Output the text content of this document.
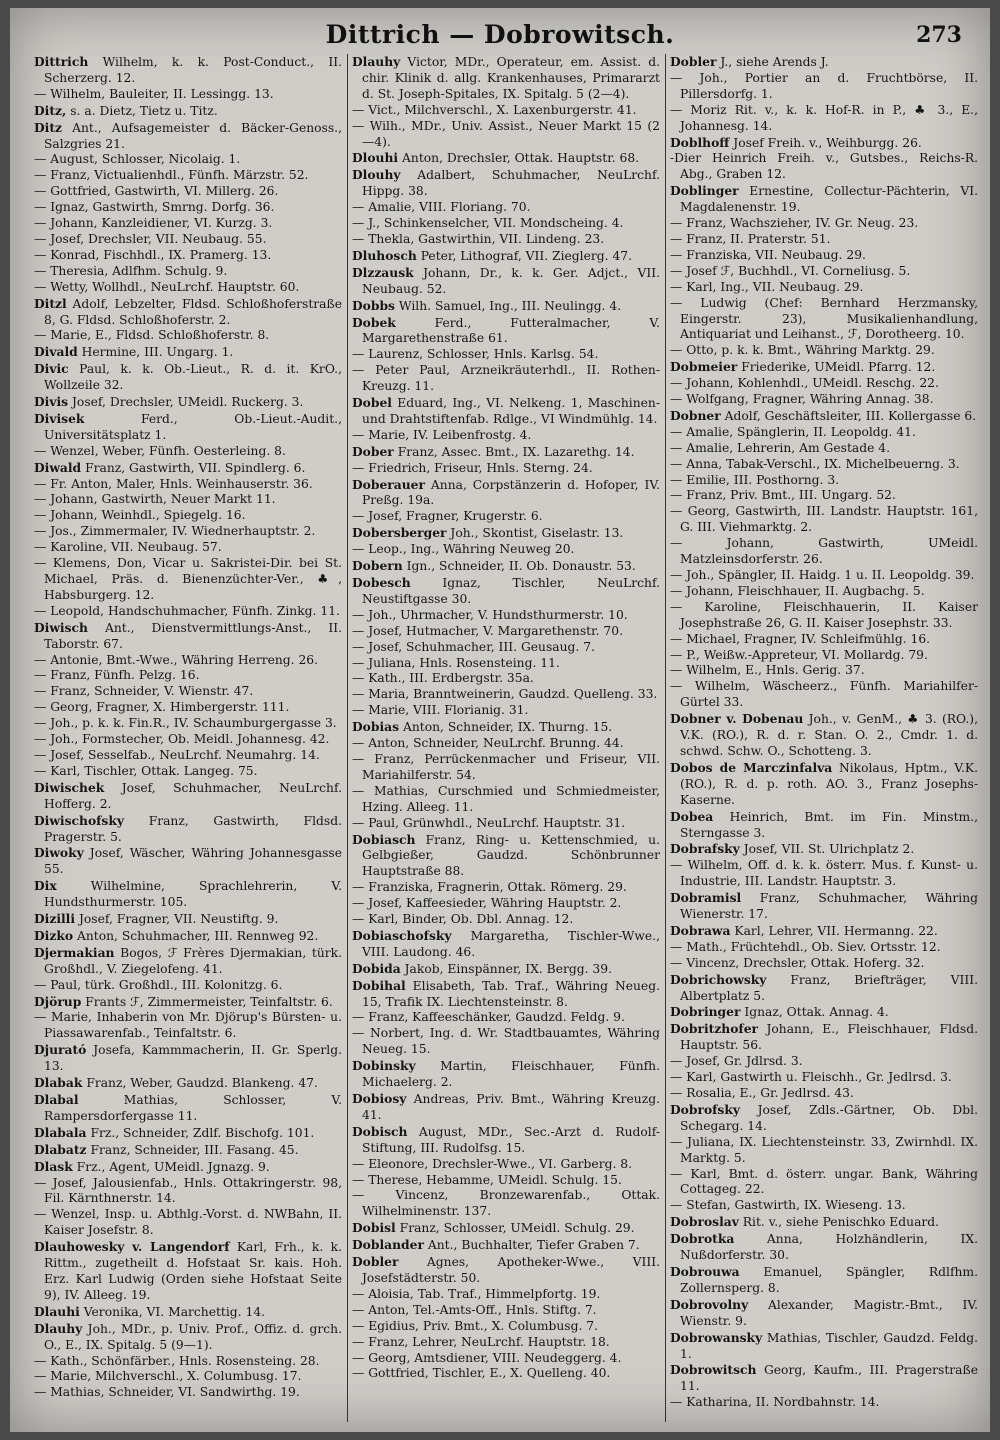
Dittrich — Dobrowitsch.	273
Dittrich Wilhelm, k. k. Post-Conduct., II. Scherzerg. 12.
— Wilhelm, Bauleiter, II. Lessingg. 13.
Ditz, s. a. Dietz, Tietz u. Titz.
Ditz Ant., Aufsagemeister d. Bäcker-Genoss., Salzgries 21.
— August, Schlosser, Nicolaig. 1.
— Franz, Victualienhdl., Fünfh. Märzstr. 52.
— Gottfried, Gastwirth, VI. Millerg. 26.
— Ignaz, Gastwirth, Smrng. Dorfg. 36.
— Johann, Kanzleidiener, VI. Kurzg. 3.
— Josef, Drechsler, VII. Neubaug. 55.
— Konrad, Fischhdl., IX. Pramerg. 13.
— Theresia, Adlfhm. Schulg. 9.
— Wetty, Wollhdl., NeuLrchf. Hauptstr. 60.
Ditzl Adolf, Lebzelter, Fldsd. Schloßhoferstraße 8, G. Fldsd. Schloßhoferstr. 2.
— Marie, E., Fldsd. Schloßhoferstr. 8.
Divald Hermine, III. Ungarg. 1.
Divic Paul, k. k. Ob.-Lieut., R. d. it. KrO., Wollzeile 32.
Divis Josef, Drechsler, UMeidl. Ruckerg. 3.
Divisek	Ferd., Ob.-Lieut.-Audit., Universitätsplatz 1.
— Wenzel, Weber, Fünfh. Oesterleing. 8.
Diwald Franz, Gastwirth, VII. Spindlerg. 6.
— Fr. Anton, Maler, Hnls. Weinhauserstr. 36.
— Johann, Gastwirth, Neuer Markt 11.
— Johann, Weinhdl., Spiegelg. 16.
— Jos., Zimmermaler, IV. Wiednerhauptstr. 2.
— Karoline, VII. Neubaug. 57.
— Klemens, Don, Vicar u. Sakristei-Dir. bei St. Michael, Präs. d. Bienenzüchter-Ver., ♣, Habsburgerg. 12.
— Leopold, Handschuhmacher, Fünfh. Zinkg. 11.
Diwisch Ant., Dienstvermittlungs-Anst., II. Taborstr. 67.
— Antonie, Bmt.-Wwe., Währing Herreng. 26.
— Franz, Fünfh. Pelzg. 16.
— Franz, Schneider, V. Wienstr. 47.
— Georg, Fragner, X. Himbergerstr. 111.
— Joh., p. k. k. Fin.R., IV. Schaumburgergasse 3.
— Joh., Formstecher, Ob. Meidl. Johannesg. 42.
— Josef, Sesselfab., NeuLrchf. Neumahrg. 14.
— Karl, Tischler, Ottak. Langeg. 75.
Diwischek Josef, Schuhmacher, NeuLrchf. Hofferg. 2.
Diwischofsky Franz, Gastwirth, Fldsd. Pragerstr. 5.
Diwoky Josef, Wäscher, Währing Johannesgasse 55.
Dix	Wilhelmine, Sprachlehrerin, V. Hundsthurmerstr. 105.
Dizilli Josef, Fragner, VII. Neustiftg. 9.
Dizko Anton, Schuhmacher, III. Rennweg 92.
Djermakian Bogos, ℱ Frères Djermakian, türk. Großhdl., V. Ziegelofeng. 41.
— Paul, türk. Großhdl., III. Kolonitzg. 6.
Djörup Frants ℱ, Zimmermeister, Teinfaltstr. 6.
— Marie, Inhaberin von Mr. Djörup's Bürsten- u. Piassawarenfab., Teinfaltstr. 6.
Djurató Josefa, Kammmacherin, II. Gr. Sperlg. 13.
Dlabak Franz, Weber, Gaudzd. Blankeng. 47.
Dlabal	Mathias, Schlosser, V. Rampersdorfergasse 11.
Dlabala Frz., Schneider, Zdlf. Bischofg. 101.
Dlabatz Franz, Schneider, III. Fasang. 45.
Dlask Frz., Agent, UMeidl. Jgnazg. 9.
— Josef, Jalousienfab., Hnls. Ottakringerstr. 98, Fil. Kärnthnerstr. 14.
— Wenzel, Insp. u. Abthlg.-Vorst. d. NWBahn, II. Kaiser Josefstr. 8.
Dlauhowesky v. Langendorf Karl, Frh., k. k. Rittm., zugetheilt d. Hofstaat Sr. kais. Hoh. Erz. Karl Ludwig (Orden siehe Hofstaat Seite 9), IV. Alleeg. 19.
Dlauhi Veronika, VI. Marchettig. 14.
Dlauhy Joh., MDr., p. Univ. Prof., Offiz. d. grch. O., E., IX. Spitalg. 5 (9—1).
— Kath., Schönfärber., Hnls. Rosensteing. 28.
— Marie, Milchverschl., X. Columbusg. 17.
— Mathias, Schneider, VI. Sandwirthg. 19.
Dlauhy Victor, MDr., Operateur, em. Assist. d. chir. Klinik d. allg. Krankenhauses, Primararzt d. St. Joseph-Spitales, IX. Spitalg. 5 (2—4).
— Vict., Milchverschl., X. Laxenburgerstr. 41.
— Wilh., MDr., Univ. Assist., Neuer Markt 15 (2—4).
Dlouhi Anton, Drechsler, Ottak. Hauptstr. 68.
Dlouhy Adalbert, Schuhmacher, NeuLrchf. Hippg. 38.
— Amalie, VIII. Floriang. 70.
— J., Schinkenselcher, VII. Mondscheing. 4.
— Thekla, Gastwirthin, VII. Lindeng. 23.
Dluhosch Peter, Lithograf, VII. Zieglerg. 47.
Dlzzausk Johann, Dr., k. k. Ger. Adjct., VII. Neubaug. 52.
Dobbs Wilh. Samuel, Ing., III. Neulingg. 4.
Dobek	Ferd., Futteralmacher, V. Margarethenstraße 61.
— Laurenz, Schlosser, Hnls. Karlsg. 54.
— Peter Paul, Arzneikräuterhdl., II. Rothen-Kreuzg. 11.
Dobel Eduard, Ing., VI. Nelkeng. 1, Maschinen- und Drahtstiftenfab. Rdlge., VI Windmühlg. 14.
— Marie, IV. Leibenfrostg. 4.
Dober Franz, Assec. Bmt., IX. Lazarethg. 14.
— Friedrich, Friseur, Hnls. Sterng. 24.
Doberauer Anna, Corpstänzerin d. Hofoper, IV. Preßg. 19a.
— Josef, Fragner, Krugerstr. 6.
Dobersberger Joh., Skontist, Giselastr. 13.
— Leop., Ing., Währing Neuweg 20.
Dobern Ign., Schneider, II. Ob. Donaustr. 53.
Dobesch	Ignaz, Tischler, NeuLrchf. Neustiftgasse 30.
— Joh., Uhrmacher, V. Hundsthurmerstr. 10.
— Josef, Hutmacher, V. Margarethenstr. 70.
— Josef, Schuhmacher, III. Geusaug. 7.
— Juliana, Hnls. Rosensteing. 11.
— Kath., III. Erdbergstr. 35a.
— Maria, Branntweinerin, Gaudzd. Quelleng. 33.
— Marie, VIII. Florianig. 31.
Dobias Anton, Schneider, IX. Thurng. 15.
— Anton, Schneider, NeuLrchf. Brunng. 44.
— Franz, Perrückenmacher und Friseur, VII. Mariahilferstr. 54.
— Mathias, Curschmied und Schmiedmeister, Hzing. Alleeg. 11.
— Paul, Grünwhdl., NeuLrchf. Hauptstr. 31.
Dobiasch Franz, Ring- u. Kettenschmied, u. Gelbgießer, Gaudzd. Schönbrunner Hauptstraße 88.
— Franziska, Fragnerin, Ottak. Römerg. 29.
— Josef, Kaffeesieder, Währing Hauptstr. 2.
— Karl, Binder, Ob. Dbl. Annag. 12.
Dobiaschofsky Margaretha, Tischler-Wwe., VIII. Laudong. 46.
Dobida Jakob, Einspänner, IX. Bergg. 39.
Dobihal Elisabeth, Tab. Traf., Währing Neueg. 15, Trafik IX. Liechtensteinstr. 8.
— Franz, Kaffeeschänker, Gaudzd. Feldg. 9.
— Norbert, Ing. d. Wr. Stadtbauamtes, Währing Neueg. 15.
Dobinsky Martin, Fleischhauer, Fünfh. Michaelerg. 2.
Dobiosy Andreas, Priv. Bmt., Währing Kreuzg. 41.
Dobisch August, MDr., Sec.-Arzt d. Rudolf-Stiftung, III. Rudolfsg. 15.
— Eleonore, Drechsler-Wwe., VI. Garberg. 8.
— Therese, Hebamme, UMeidl. Schulg. 15.
— Vincenz, Bronzewarenfab., Ottak. Wilhelminenstr. 137.
Dobisl Franz, Schlosser, UMeidl. Schulg. 29.
Doblander Ant., Buchhalter, Tiefer Graben 7.
Dobler Agnes, Apotheker-Wwe., VIII. Josefstädterstr. 50.
— Aloisia, Tab. Traf., Himmelpfortg. 19.
— Anton, Tel.-Amts-Off., Hnls. Stiftg. 7.
— Egidius, Priv. Bmt., X. Columbusg. 7.
— Franz, Lehrer, NeuLrchf. Hauptstr. 18.
— Georg, Amtsdiener, VIII. Neudeggerg. 4.
— Gottfried, Tischler, E., X. Quelleng. 40.
Dobler J., siehe Arends J.
— Joh., Portier an d. Fruchtbörse, II. Pillersdorfg. 1.
— Moriz Rit. v., k. k. Hof-R. in P., ♣ 3., E., Johannesg. 14.
Doblhoff Josef Freih. v., Weihburgg. 26.
-Dier Heinrich Freih. v., Gutsbes., Reichs-R. Abg., Graben 12.
Doblinger Ernestine, Collectur-Pächterin, VI. Magdalenenstr. 19.
— Franz, Wachszieher, IV. Gr. Neug. 23.
— Franz, II. Praterstr. 51.
— Franziska, VII. Neubaug. 29.
— Josef ℱ, Buchhdl., VI. Corneliusg. 5.
— Karl, Ing., VII. Neubaug. 29.
— Ludwig (Chef: Bernhard Herzmansky, Eingerstr. 23), Musikalienhandlung, Antiquariat und Leihanst., ℱ, Dorotheerg. 10.
— Otto, p. k. k. Bmt., Währing Marktg. 29.
Dobmeier Friederike, UMeidl. Pfarrg. 12.
— Johann, Kohlenhdl., UMeidl. Reschg. 22.
— Wolfgang, Fragner, Währing Annag. 38.
Dobner Adolf, Geschäftsleiter, III. Kollergasse 6.
— Amalie, Spänglerin, II. Leopoldg. 41.
— Amalie, Lehrerin, Am Gestade 4.
— Anna, Tabak-Verschl., IX. Michelbeuerng. 3.
— Emilie, III. Posthorng. 3.
— Franz, Priv. Bmt., III. Ungarg. 52.
— Georg, Gastwirth, III. Landstr. Hauptstr. 161, G. III. Viehmarktg. 2.
— Johann, Gastwirth, UMeidl. Matzleinsdorferstr. 26.
— Joh., Spängler, II. Haidg. 1 u. II. Leopoldg. 39.
— Johann, Fleischhauer, II. Augbachg. 5.
— Karoline, Fleischhauerin, II. Kaiser Josephstraße 26, G. II. Kaiser Josephstr. 33.
— Michael, Fragner, IV. Schleifmühlg. 16.
— P., Weißw.-Appreteur, VI. Mollardg. 79.
— Wilhelm, E., Hnls. Gerig. 37.
— Wilhelm, Wäscheerz., Fünfh. Mariahilfer-Gürtel 33.
Dobner v. Dobenau Joh., v. GenM., ♣ 3. (RO.), V.K. (RO.), R. d. r. Stan. O. 2., Cmdr. 1. d. schwd. Schw. O., Schotteng. 3.
Dobos de Marczinfalva Nikolaus, Hptm., V.K. (RO.), R. d. p. roth. AO. 3., Franz Josephs-Kaserne.
Dobea Heinrich, Bmt. im Fin. Minstm., Sterngasse 3.
Dobrafsky Josef, VII. St. Ulrichplatz 2.
— Wilhelm, Off. d. k. k. österr. Mus. f. Kunst- u. Industrie, III. Landstr. Hauptstr. 3.
Dobramisl Franz, Schuhmacher, Währing Wienerstr. 17.
Dobrawa Karl, Lehrer, VII. Hermanng. 22.
— Math., Früchtehdl., Ob. Siev. Ortsstr. 12.
— Vincenz, Drechsler, Ottak. Hoferg. 32.
Dobrichowsky Franz, Briefträger, VIII. Albertplatz 5.
Dobringer Ignaz, Ottak. Annag. 4.
Dobritzhofer Johann, E., Fleischhauer, Fldsd. Hauptstr. 56.
— Josef, Gr. Jdlrsd. 3.
— Karl, Gastwirth u. Fleischh., Gr. Jedlrsd. 3.
— Rosalia, E., Gr. Jedlrsd. 43.
Dobrofsky Josef, Zdls.-Gärtner, Ob. Dbl. Schegarg. 14.
— Juliana, IX. Liechtensteinstr. 33, Zwirnhdl. IX. Marktg. 5.
— Karl, Bmt. d. österr. ungar. Bank, Währing Cottageg. 22.
— Stefan, Gastwirth, IX. Wieseng. 13.
Dobroslav Rit. v., siehe Penischko Eduard.
Dobrotka	Anna, Holzhändlerin, IX. Nußdorferstr. 30.
Dobrouwa Emanuel, Spängler, Rdlfhm. Zollernsperg. 8.
Dobrovolny Alexander, Magistr.-Bmt., IV. Wienstr. 9.
Dobrowansky Mathias, Tischler, Gaudzd. Feldg. 1.
Dobrowitsch Georg, Kaufm., III. Pragerstraße 11.
— Katharina, II. Nordbahnstr. 14.
